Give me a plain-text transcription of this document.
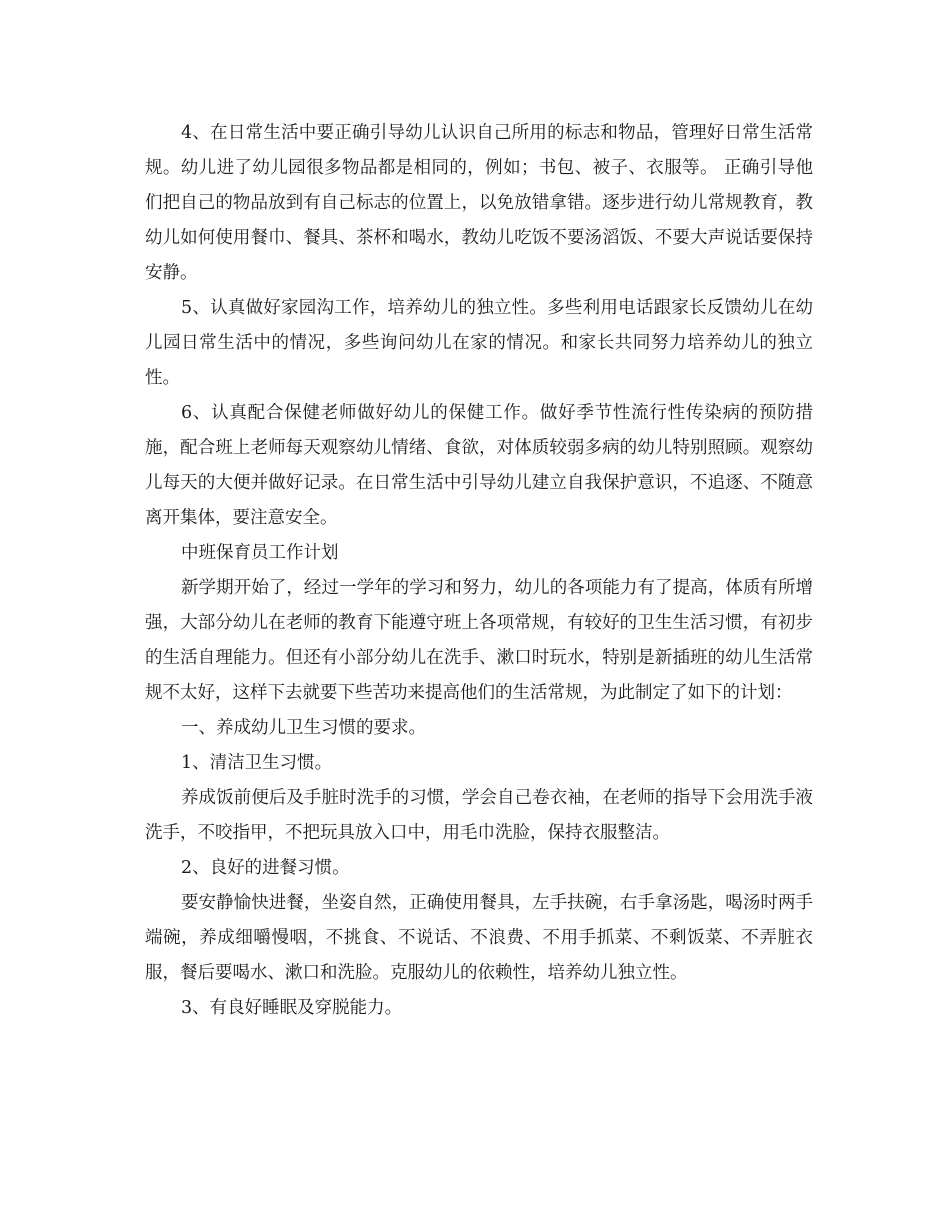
4、在日常生活中要正确引导幼儿认识自己所用的标志和物品，管理好日常生活常规。幼儿进了幼儿园很多物品都是相同的，例如；书包、被子、衣服等。 正确引导他们把自己的物品放到有自己标志的位置上，以免放错拿错。逐步进行幼儿常规教育，教幼儿如何使用餐巾、餐具、茶杯和喝水，教幼儿吃饭不要汤滔饭、不要大声说话要保持安静。

5、认真做好家园沟工作，培养幼儿的独立性。多些利用电话跟家长反馈幼儿在幼儿园日常生活中的情况，多些询问幼儿在家的情况。和家长共同努力培养幼儿的独立性。

6、认真配合保健老师做好幼儿的保健工作。做好季节性流行性传染病的预防措施，配合班上老师每天观察幼儿情绪、食欲，对体质较弱多病的幼儿特别照顾。观察幼儿每天的大便并做好记录。在日常生活中引导幼儿建立自我保护意识，不追逐、不随意离开集体，要注意安全。

中班保育员工作计划

新学期开始了，经过一学年的学习和努力，幼儿的各项能力有了提高，体质有所增强，大部分幼儿在老师的教育下能遵守班上各项常规，有较好的卫生生活习惯，有初步的生活自理能力。但还有小部分幼儿在洗手、漱口时玩水，特别是新插班的幼儿生活常规不太好，这样下去就要下些苦功来提高他们的生活常规，为此制定了如下的计划：

一、养成幼儿卫生习惯的要求。

1、清洁卫生习惯。

养成饭前便后及手脏时洗手的习惯，学会自己卷衣袖，在老师的指导下会用洗手液洗手，不咬指甲，不把玩具放入口中，用毛巾洗脸，保持衣服整洁。

2、良好的进餐习惯。

要安静愉快进餐，坐姿自然，正确使用餐具，左手扶碗，右手拿汤匙，喝汤时两手端碗，养成细嚼慢咽，不挑食、不说话、不浪费、不用手抓菜、不剩饭菜、不弄脏衣服，餐后要喝水、漱口和洗脸。克服幼儿的依赖性，培养幼儿独立性。

3、有良好睡眠及穿脱能力。
